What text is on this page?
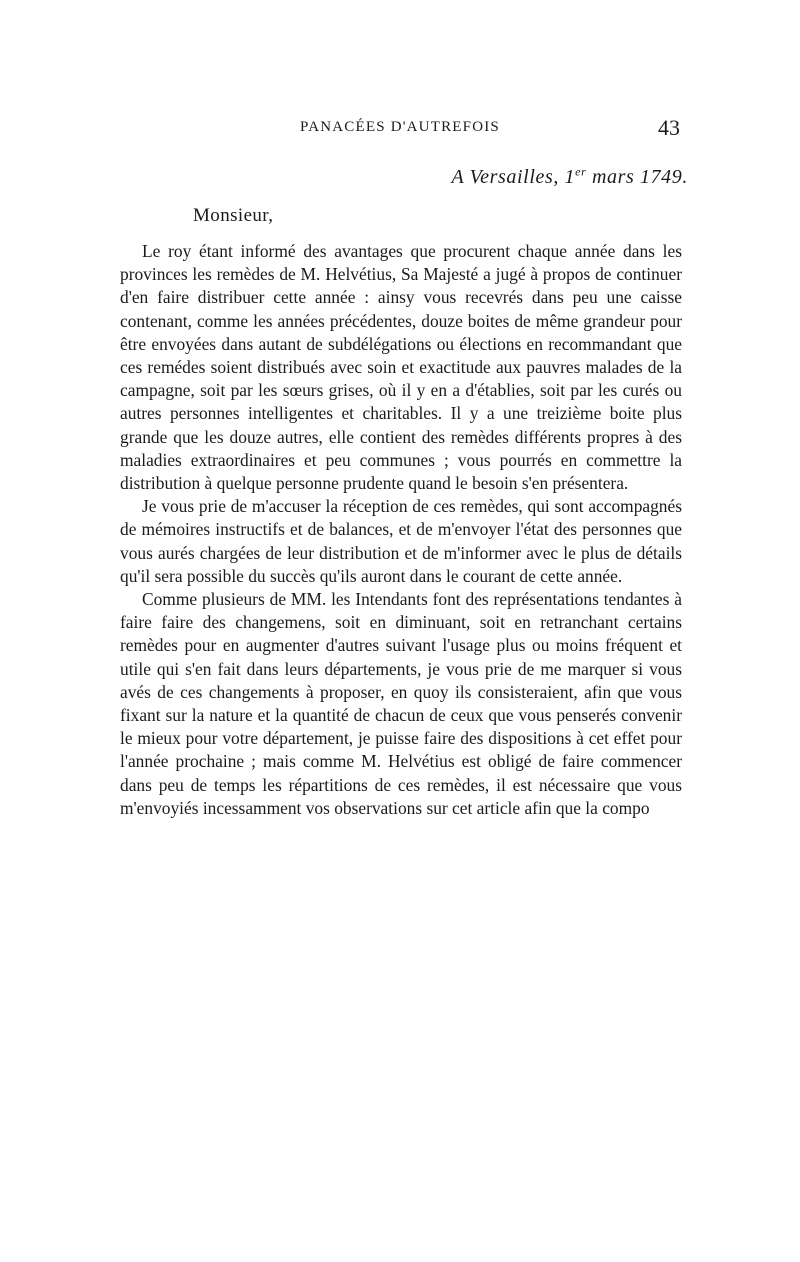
PANACÉES D'AUTREFOIS	43
A Versailles, 1er mars 1749.
Monsieur,

Le roy étant informé des avantages que procurent chaque année dans les provinces les remèdes de M. Helvétius, Sa Majesté a jugé à propos de continuer d'en faire distribuer cette année : ainsy vous recevrés dans peu une caisse contenant, comme les années précédentes, douze boites de même grandeur pour être envoyées dans autant de subdélégations ou élections en recommandant que ces remédes soient distribués avec soin et exactitude aux pauvres malades de la campagne, soit par les sœurs grises, où il y en a d'établies, soit par les curés ou autres personnes intelligentes et charitables. Il y a une treizième boite plus grande que les douze autres, elle contient des remèdes différents propres à des maladies extraordinaires et peu communes ; vous pourrés en commettre la distribution à quelque personne prudente quand le besoin s'en présentera.

Je vous prie de m'accuser la réception de ces remèdes, qui sont accompagnés de mémoires instructifs et de balances, et de m'envoyer l'état des personnes que vous aurés chargées de leur distribution et de m'informer avec le plus de détails qu'il sera possible du succès qu'ils auront dans le courant de cette année.

Comme plusieurs de MM. les Intendants font des représentations tendantes à faire faire des changemens, soit en diminuant, soit en retranchant certains remèdes pour en augmenter d'autres suivant l'usage plus ou moins fréquent et utile qui s'en fait dans leurs départements, je vous prie de me marquer si vous avés de ces changements à proposer, en quoy ils consisteraient, afin que vous fixant sur la nature et la quantité de chacun de ceux que vous penserés convenir le mieux pour votre département, je puisse faire des dispositions à cet effet pour l'année prochaine ; mais comme M. Helvétius est obligé de faire commencer dans peu de temps les répartitions de ces remèdes, il est nécessaire que vous m'envoyiés incessamment vos observations sur cet article afin que la compo
